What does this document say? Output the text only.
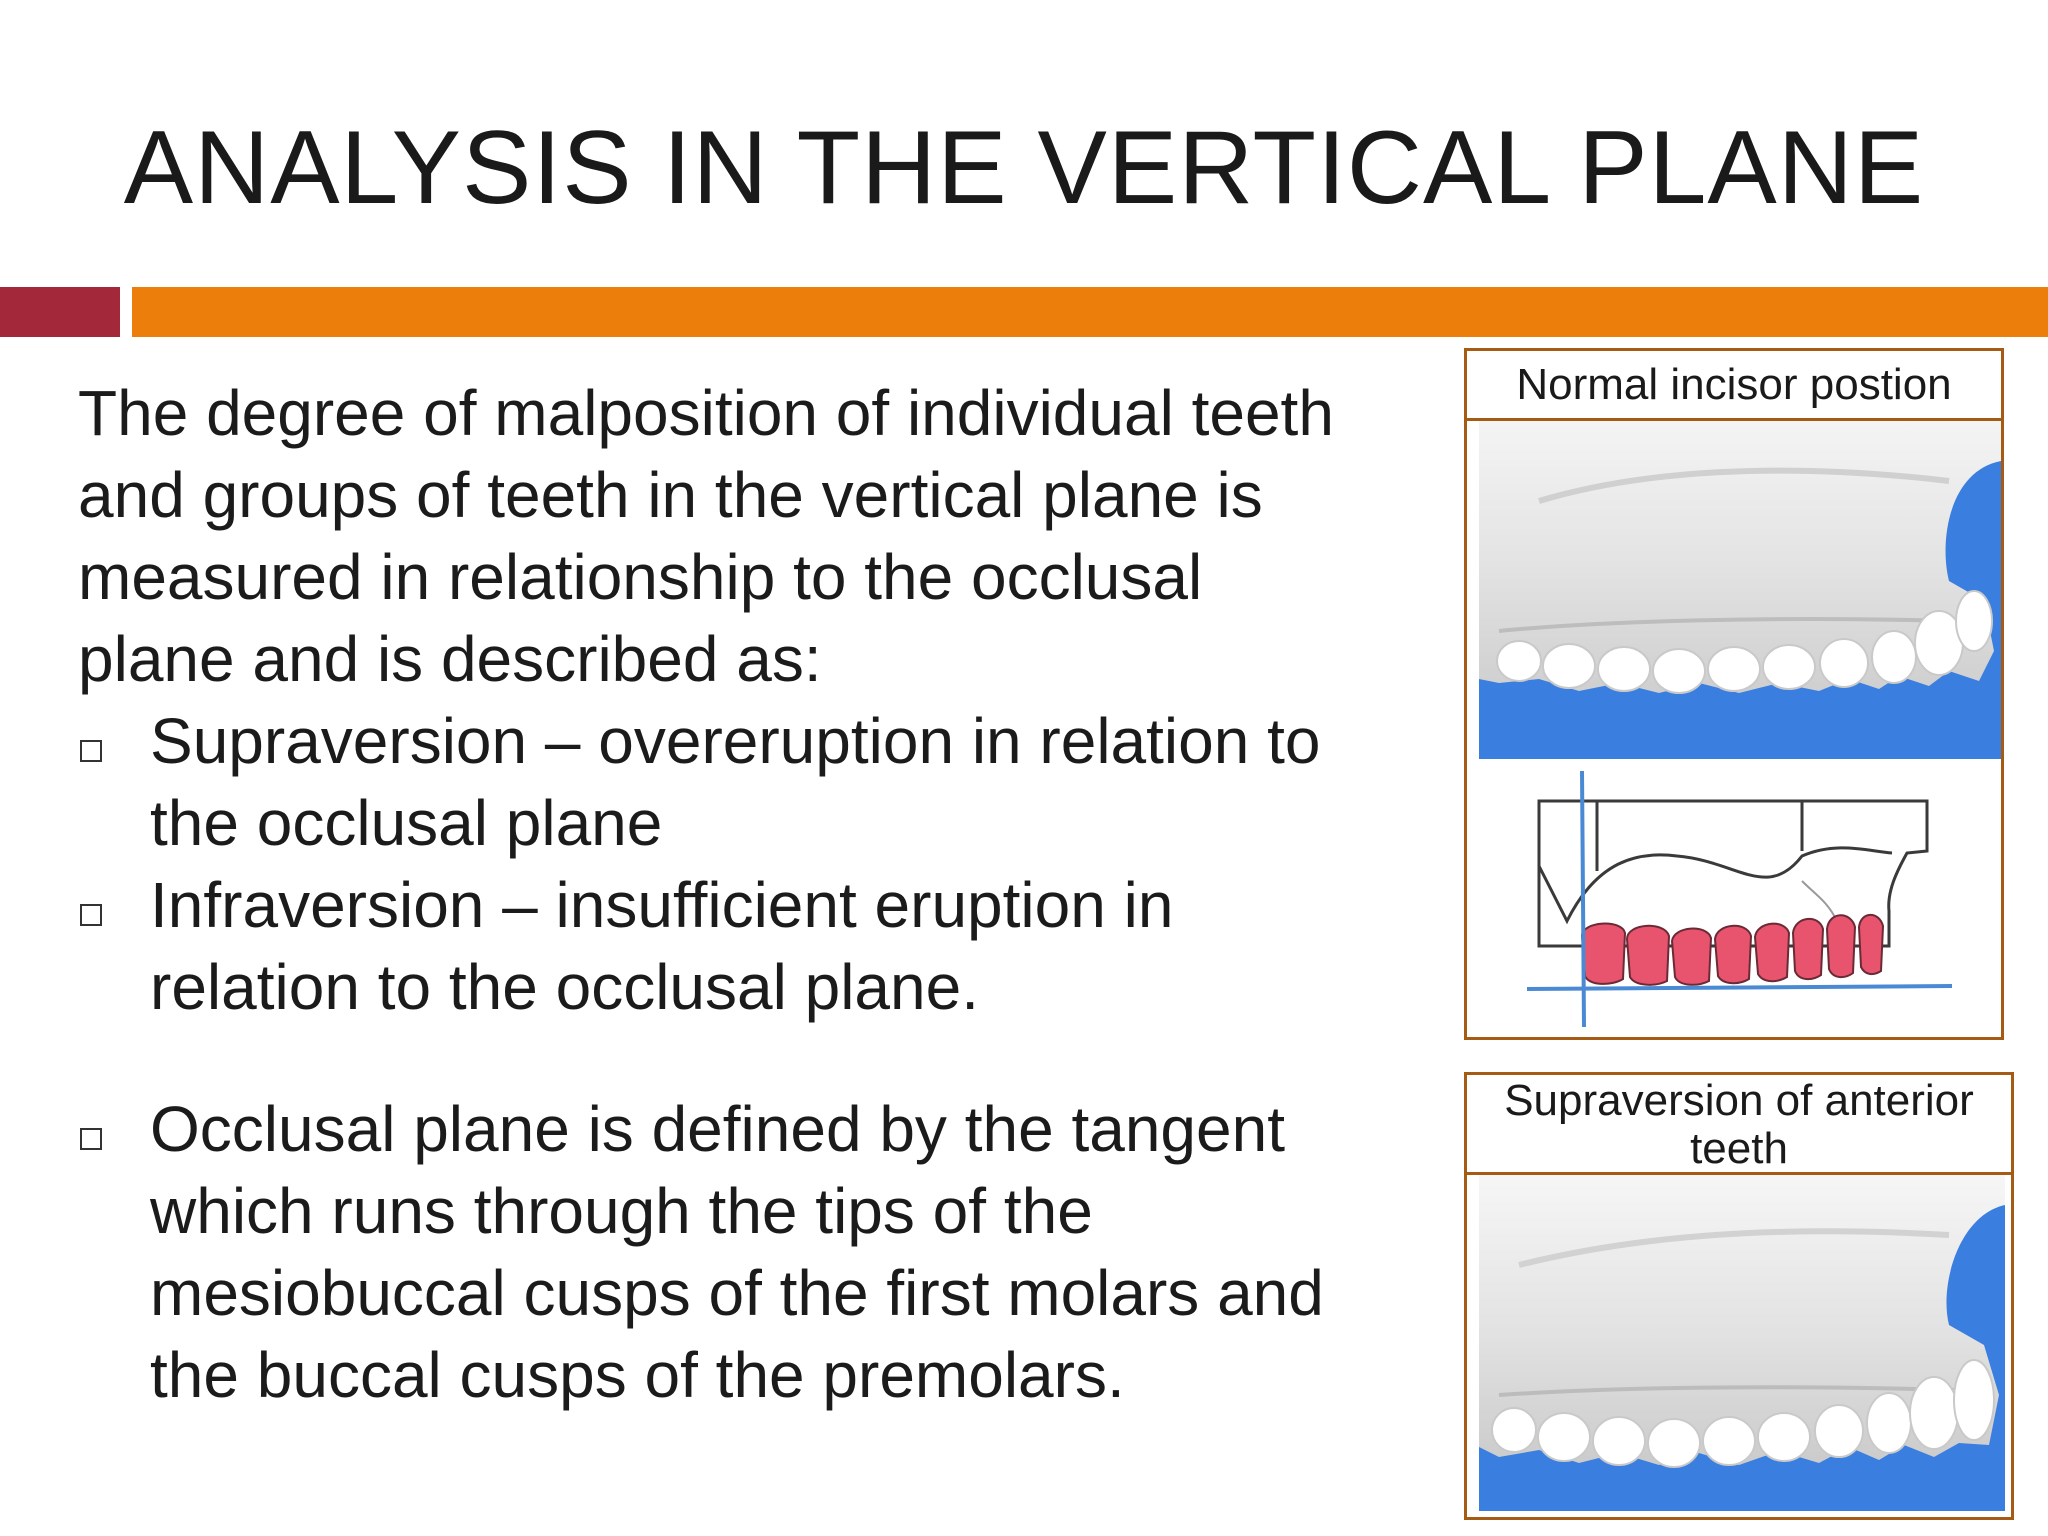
ANALYSIS IN THE VERTICAL PLANE

The degree of malposition of individual teeth and groups of teeth in the vertical plane is measured in relationship to the occlusal plane and is described as:

Supraversion – overeruption in relation to the occlusal plane
Infraversion – insufficient eruption in relation to the occlusal plane.
Occlusal plane is defined by the tangent which runs through the tips of the mesiobuccal cusps of the first molars and the buccal cusps of the premolars.
Normal incisor postion
Supraversion of anterior teeth
